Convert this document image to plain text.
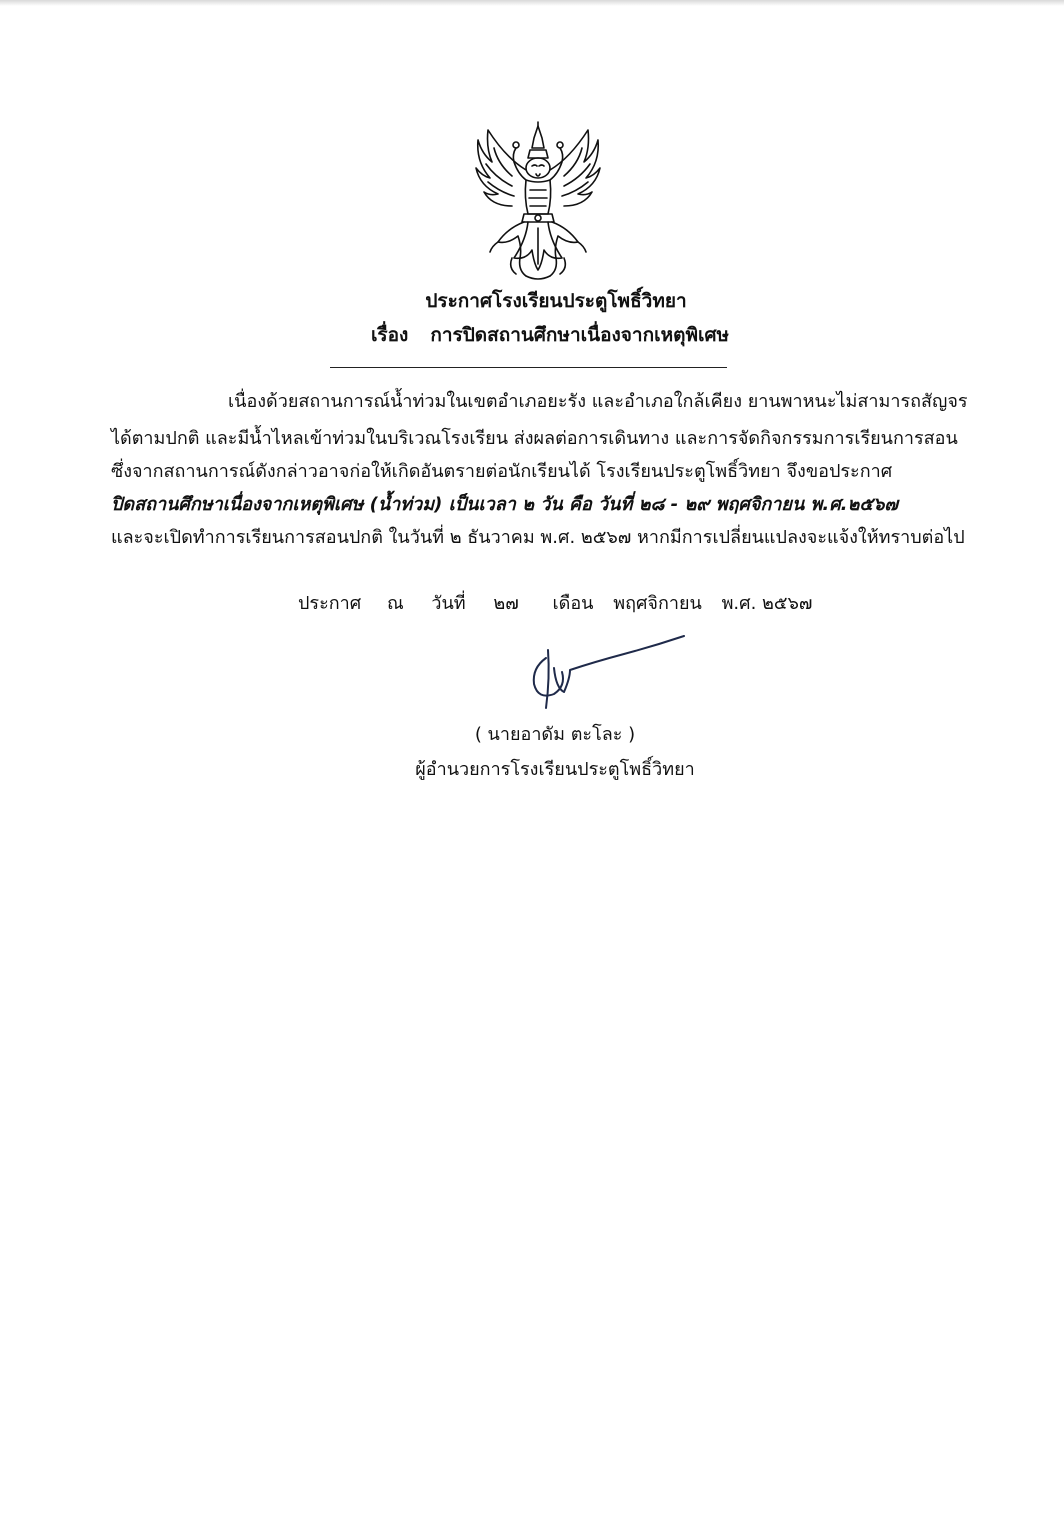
ประกาศโรงเรียนประตูโพธิ์วิทยา
เรื่อง การปิดสถานศึกษาเนื่องจากเหตุพิเศษ
เนื่องด้วยสถานการณ์น้ำท่วมในเขตอำเภอยะรัง และอำเภอใกล้เคียง ยานพาหนะไม่สามารถสัญจร
ได้ตามปกติ และมีน้ำไหลเข้าท่วมในบริเวณโรงเรียน ส่งผลต่อการเดินทาง และการจัดกิจกรรมการเรียนการสอน
ซึ่งจากสถานการณ์ดังกล่าวอาจก่อให้เกิดอันตรายต่อนักเรียนได้ โรงเรียนประตูโพธิ์วิทยา จึงขอประกาศ
ปิดสถานศึกษาเนื่องจากเหตุพิเศษ (น้ำท่วม) เป็นเวลา ๒ วัน คือ วันที่ ๒๘ - ๒๙ พฤศจิกายน พ.ศ.๒๕๖๗
และจะเปิดทำการเรียนการสอนปกติ ในวันที่ ๒ ธันวาคม พ.ศ. ๒๕๖๗ หากมีการเปลี่ยนแปลงจะแจ้งให้ทราบต่อไป
ประกาศ ณ วันที่ ๒๗ เดือน พฤศจิกายน พ.ศ. ๒๕๖๗
( นายอาดัม ตะโละ )
ผู้อำนวยการโรงเรียนประตูโพธิ์วิทยา
